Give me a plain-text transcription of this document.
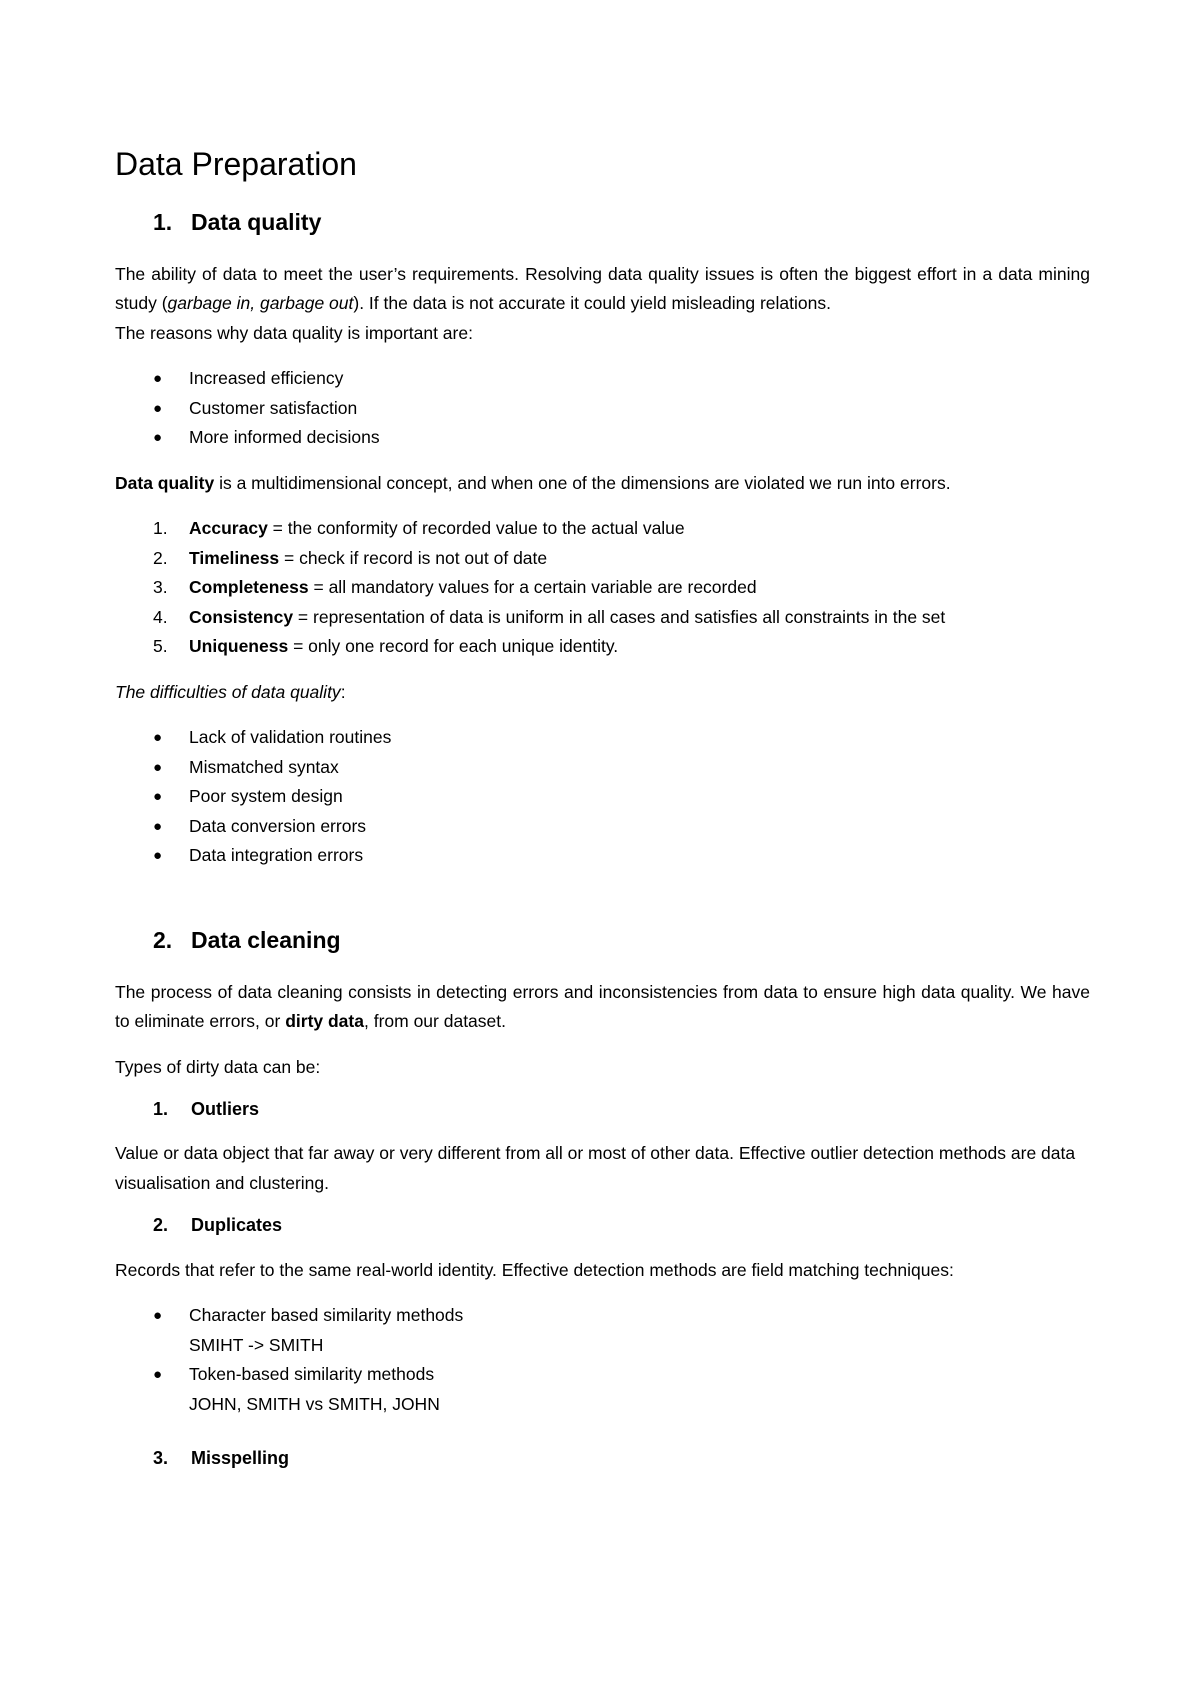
Data Preparation
1. Data quality

The ability of data to meet the user’s requirements. Resolving data quality issues is often the biggest effort in a data mining study (garbage in, garbage out). If the data is not accurate it could yield misleading relations.

The reasons why data quality is important are:

● Increased efficiency
● Customer satisfaction
● More informed decisions

Data quality is a multidimensional concept, and when one of the dimensions are violated we run into errors.

1. Accuracy = the conformity of recorded value to the actual value
2. Timeliness = check if record is not out of date
3. Completeness = all mandatory values for a certain variable are recorded
4. Consistency = representation of data is uniform in all cases and satisfies all constraints in the set
5. Uniqueness = only one record for each unique identity.

The difficulties of data quality:

● Lack of validation routines
● Mismatched syntax
● Poor system design
● Data conversion errors
● Data integration errors
2. Data cleaning

The process of data cleaning consists in detecting errors and inconsistencies from data to ensure high data quality. We have to eliminate errors, or dirty data, from our dataset.

Types of dirty data can be:

1.	Outliers

Value or data object that far away or very different from all or most of other data. Effective outlier detection methods are data visualisation and clustering.

2.	Duplicates

Records that refer to the same real-world identity. Effective detection methods are field matching techniques:

● Character based similarity methods
SMIHT -> SMITH
● Token-based similarity methods
JOHN, SMITH vs SMITH, JOHN
3.	Misspelling
